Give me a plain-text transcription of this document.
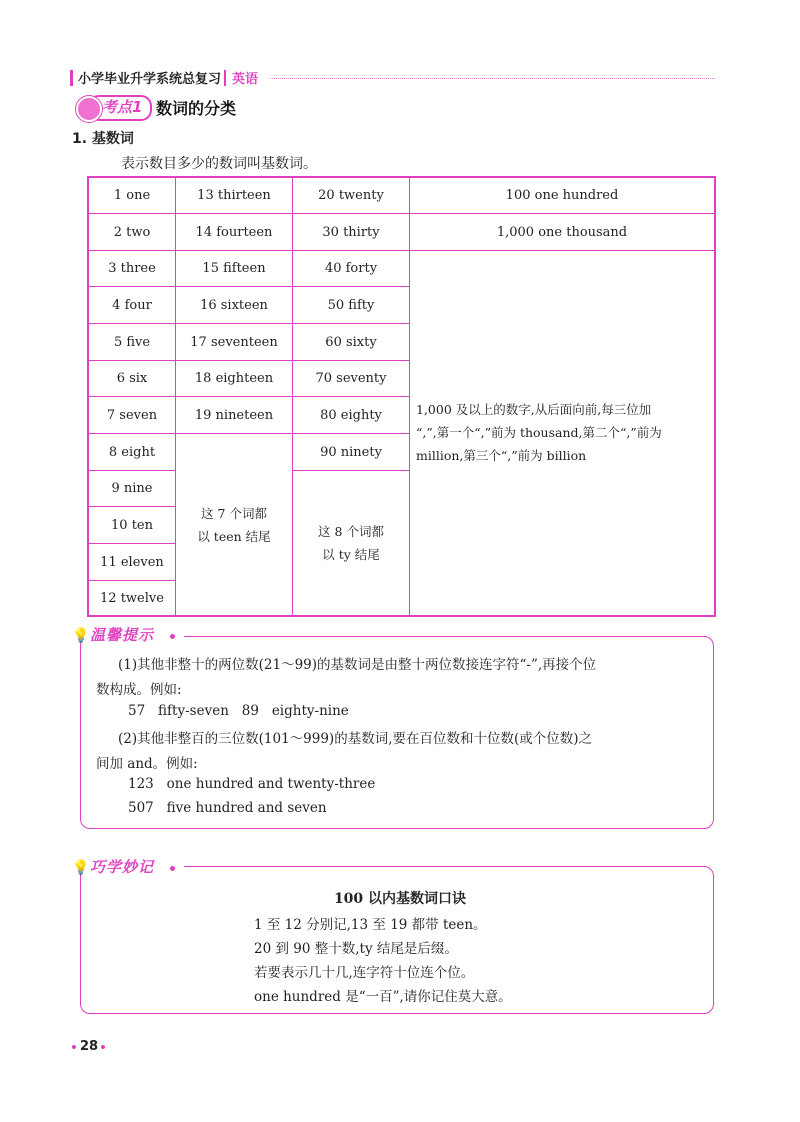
小学毕业升学系统总复习 英语
考点1 数词的分类
1. 基数词
表示数目多少的数词叫基数词。
1 one
2 two
3 three
4 four
5 five
6 six
7 seven
8 eight
9 nine
10 ten
11 eleven
12 twelve
13 thirteen
14 fourteen
15 fifteen
16 sixteen
17 seventeen
18 eighteen
19 nineteen
这 7 个词都
以 teen 结尾
20 twenty
30 thirty
40 forty
50 fifty
60 sixty
70 seventy
80 eighty
90 ninety
这 8 个词都
以 ty 结尾
100 one hundred
1,000 one thousand
1,000 及以上的数字,从后面向前,每三位加
“,”,第一个“,”前为 thousand,第二个“,”前为
million,第三个“,”前为 billion
💡 温馨提示
(1)其他非整十的两位数(21～99)的基数词是由整十两位数接连字符“-”,再接个位
数构成。例如:
57   fifty-seven   89   eighty-nine
(2)其他非整百的三位数(101～999)的基数词,要在百位数和十位数(或个位数)之
间加 and。例如:
123   one hundred and twenty-three
507   five hundred and seven
💡 巧学妙记
100 以内基数词口诀
1 至 12 分别记,13 至 19 都带 teen。
20 到 90 整十数,ty 结尾是后缀。
若要表示几十几,连字符十位连个位。
one hundred 是“一百”,请你记住莫大意。
28
